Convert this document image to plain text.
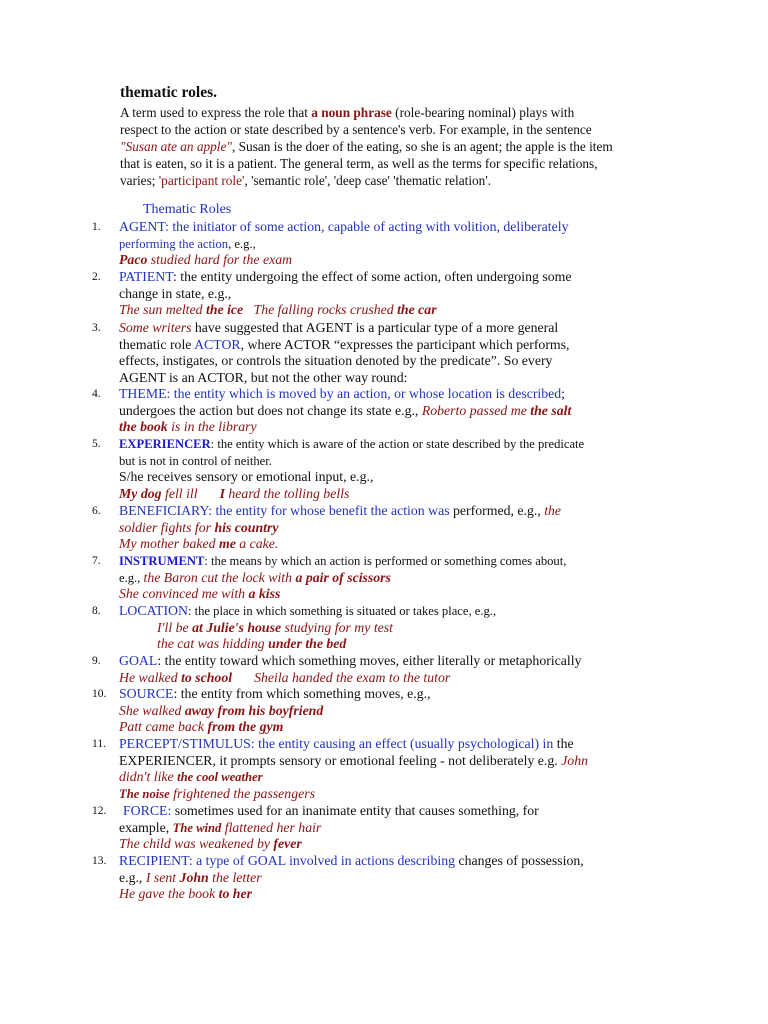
thematic roles.
A term used to express the role that a noun phrase (role-bearing nominal) plays with
respect to the action or state described by a sentence's verb. For example, in the sentence
"Susan ate an apple", Susan is the doer of the eating, so she is an agent; the apple is the item
that is eaten, so it is a patient. The general term, as well as the terms for specific relations,
varies; 'participant role', 'semantic role', 'deep case' 'thematic relation'.
Thematic Roles
1. AGENT: the initiator of some action, capable of acting with volition, deliberately
performing the action, e.g.,
Paco studied hard for the exam
2. PATIENT: the entity undergoing the effect of some action, often undergoing some
change in state, e.g.,
The sun melted the ice   The falling rocks crushed the car
3. Some writers have suggested that AGENT is a particular type of a more general
thematic role ACTOR, where ACTOR “expresses the participant which performs,
effects, instigates, or controls the situation denoted by the predicate”. So every
AGENT is an ACTOR, but not the other way round:
4. THEME: the entity which is moved by an action, or whose location is described;
undergoes the action but does not change its state e.g., Roberto passed me the salt
the book is in the library
5. EXPERIENCER: the entity which is aware of the action or state described by the predicate
but is not in control of neither.
S/he receives sensory or emotional input, e.g.,
My dog fell ill I heard the tolling bells
6. BENEFICIARY: the entity for whose benefit the action was performed, e.g., the
soldier fights for his country
My mother baked me a cake.
7. INSTRUMENT: the means by which an action is performed or something comes about,
e.g., the Baron cut the lock with a pair of scissors
She convinced me with a kiss
8. LOCATION: the place in which something is situated or takes place, e.g.,
I'll be at Julie's house studying for my test
the cat was hidding under the bed
9. GOAL: the entity toward which something moves, either literally or metaphorically
He walked to school Sheila handed the exam to the tutor
10. SOURCE: the entity from which something moves, e.g.,
She walked away from his boyfriend
Patt came back from the gym
11. PERCEPT/STIMULUS: the entity causing an effect (usually psychological) in the
EXPERIENCER, it prompts sensory or emotional feeling - not deliberately e.g. John
didn't like the cool weather
The noise frightened the passengers
12. FORCE: sometimes used for an inanimate entity that causes something, for
example, The wind flattened her hair
The child was weakened by fever
13. RECIPIENT: a type of GOAL involved in actions describing changes of possession,
e.g., I sent John the letter
He gave the book to her
